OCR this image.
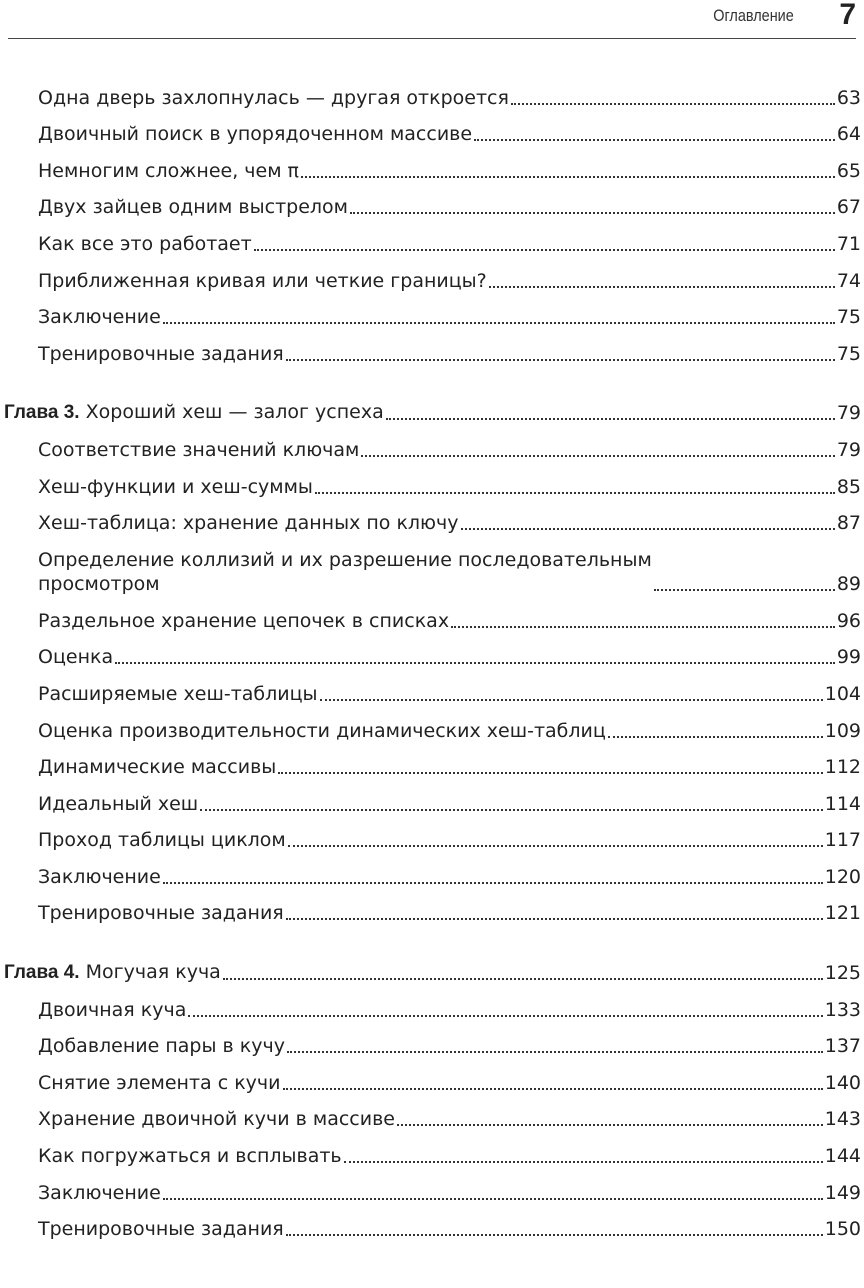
Оглавление 7
Одна дверь захлопнулась — другая откроется	63
Двоичный поиск в упорядоченном массиве	64
Немногим сложнее, чем π	65
Двух зайцев одним выстрелом	67
Как все это работает	71
Приближенная кривая или четкие границы?	74
Заключение	75
Тренировочные задания	75
Глава 3. Хороший хеш — залог успеха	79
Соответствие значений ключам	79
Хеш-функции и хеш-суммы	85
Хеш-таблица: хранение данных по ключу	87
Определение коллизий и их разрешение последовательным
просмотром	89
Раздельное хранение цепочек в списках	96
Оценка	99
Расширяемые хеш-таблицы	104
Оценка производительности динамических хеш-таблиц	109
Динамические массивы	112
Идеальный хеш	114
Проход таблицы циклом	117
Заключение	120
Тренировочные задания	121
Глава 4. Могучая куча	125
Двоичная куча	133
Добавление пары в кучу	137
Снятие элемента с кучи	140
Хранение двоичной кучи в массиве	143
Как погружаться и всплывать	144
Заключение	149
Тренировочные задания	150
